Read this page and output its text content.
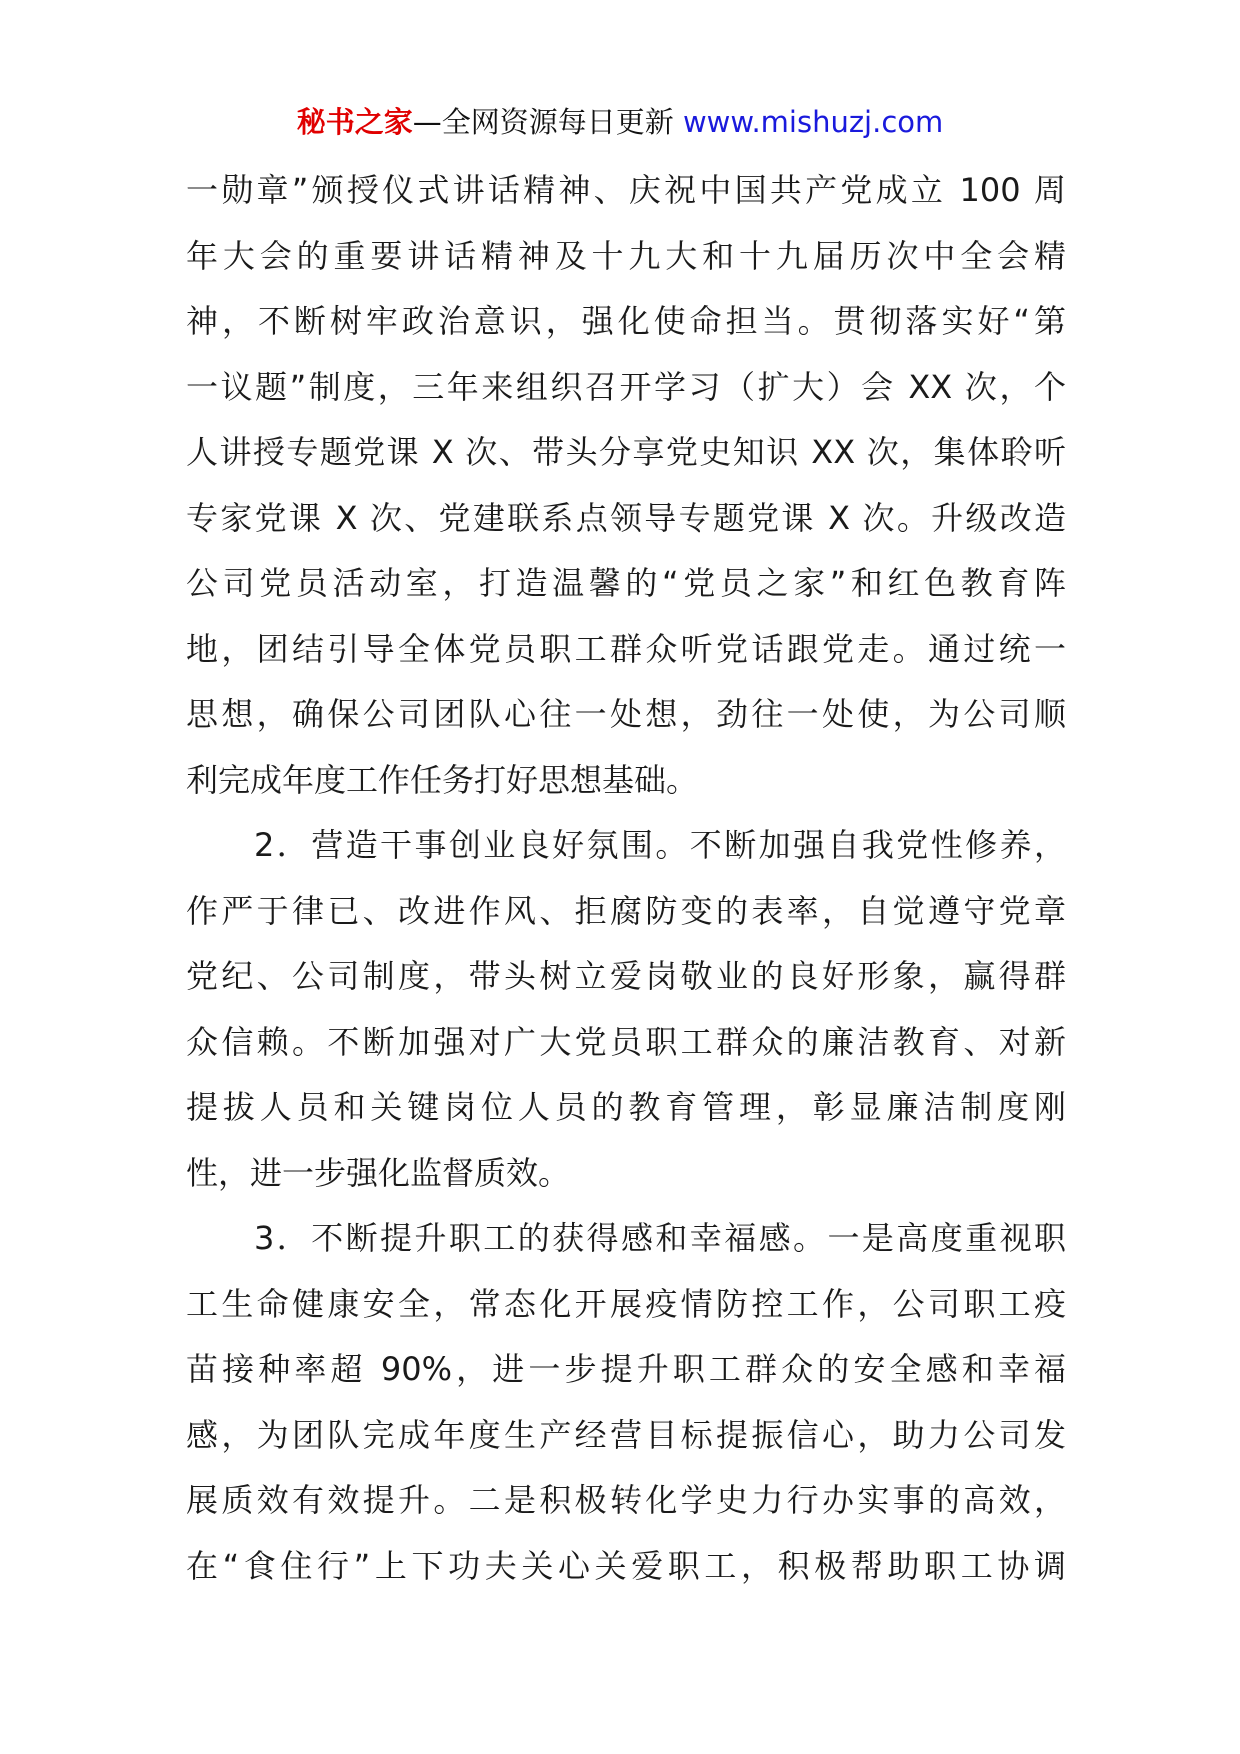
秘书之家—全网资源每日更新 www.mishuzj.com
一勋章”颁授仪式讲话精神、庆祝中国共产党成立 100 周
年大会的重要讲话精神及十九大和十九届历次中全会精
神，不断树牢政治意识，强化使命担当。贯彻落实好“第
一议题”制度，三年来组织召开学习（扩大）会 XX 次，个
人讲授专题党课 X 次、带头分享党史知识 XX 次，集体聆听
专家党课 X 次、党建联系点领导专题党课 X 次。升级改造
公司党员活动室，打造温馨的“党员之家”和红色教育阵
地，团结引导全体党员职工群众听党话跟党走。通过统一
思想，确保公司团队心往一处想，劲往一处使，为公司顺
利完成年度工作任务打好思想基础。
2．营造干事创业良好氛围。不断加强自我党性修养，
作严于律已、改进作风、拒腐防变的表率，自觉遵守党章
党纪、公司制度，带头树立爱岗敬业的良好形象，赢得群
众信赖。不断加强对广大党员职工群众的廉洁教育、对新
提拔人员和关键岗位人员的教育管理，彰显廉洁制度刚
性，进一步强化监督质效。
3．不断提升职工的获得感和幸福感。一是高度重视职
工生命健康安全，常态化开展疫情防控工作，公司职工疫
苗接种率超 90%，进一步提升职工群众的安全感和幸福
感，为团队完成年度生产经营目标提振信心，助力公司发
展质效有效提升。二是积极转化学史力行办实事的高效，
在“食住行”上下功夫关心关爱职工，积极帮助职工协调
